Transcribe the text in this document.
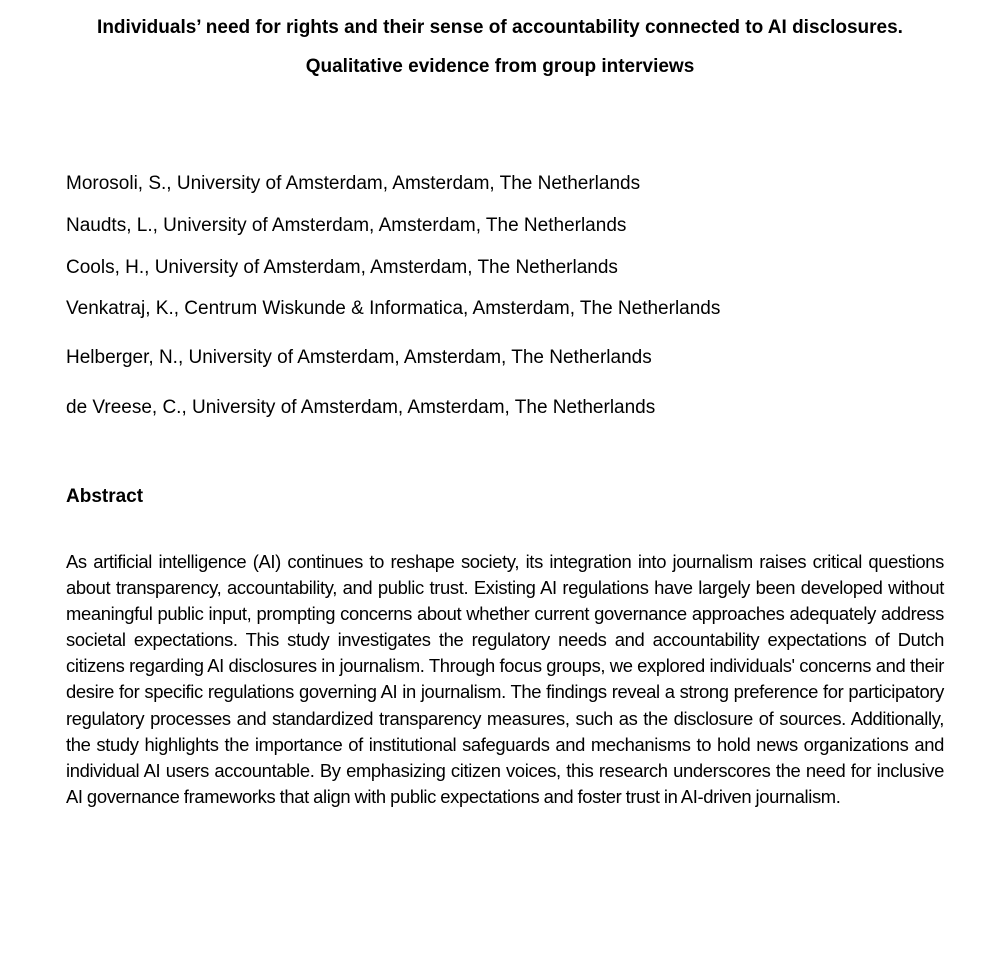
Individuals’ need for rights and their sense of accountability connected to AI disclosures.
Qualitative evidence from group interviews
Morosoli, S., University of Amsterdam, Amsterdam, The Netherlands
Naudts, L., University of Amsterdam, Amsterdam, The Netherlands
Cools, H., University of Amsterdam, Amsterdam, The Netherlands
Venkatraj, K., Centrum Wiskunde & Informatica, Amsterdam, The Netherlands
Helberger, N., University of Amsterdam, Amsterdam, The Netherlands
de Vreese, C., University of Amsterdam, Amsterdam, The Netherlands
Abstract
As artificial intelligence (AI) continues to reshape society, its integration into journalism raises critical questions about transparency, accountability, and public trust. Existing AI regulations have largely been developed without meaningful public input, prompting concerns about whether current governance approaches adequately address societal expectations. This study investigates the regulatory needs and accountability expectations of Dutch citizens regarding AI disclosures in journalism. Through focus groups, we explored individuals' concerns and their desire for specific regulations governing AI in journalism. The findings reveal a strong preference for participatory regulatory processes and standardized transparency measures, such as the disclosure of sources. Additionally, the study highlights the importance of institutional safeguards and mechanisms to hold news organizations and individual AI users accountable. By emphasizing citizen voices, this research underscores the need for inclusive AI governance frameworks that align with public expectations and foster trust in AI-driven journalism.
